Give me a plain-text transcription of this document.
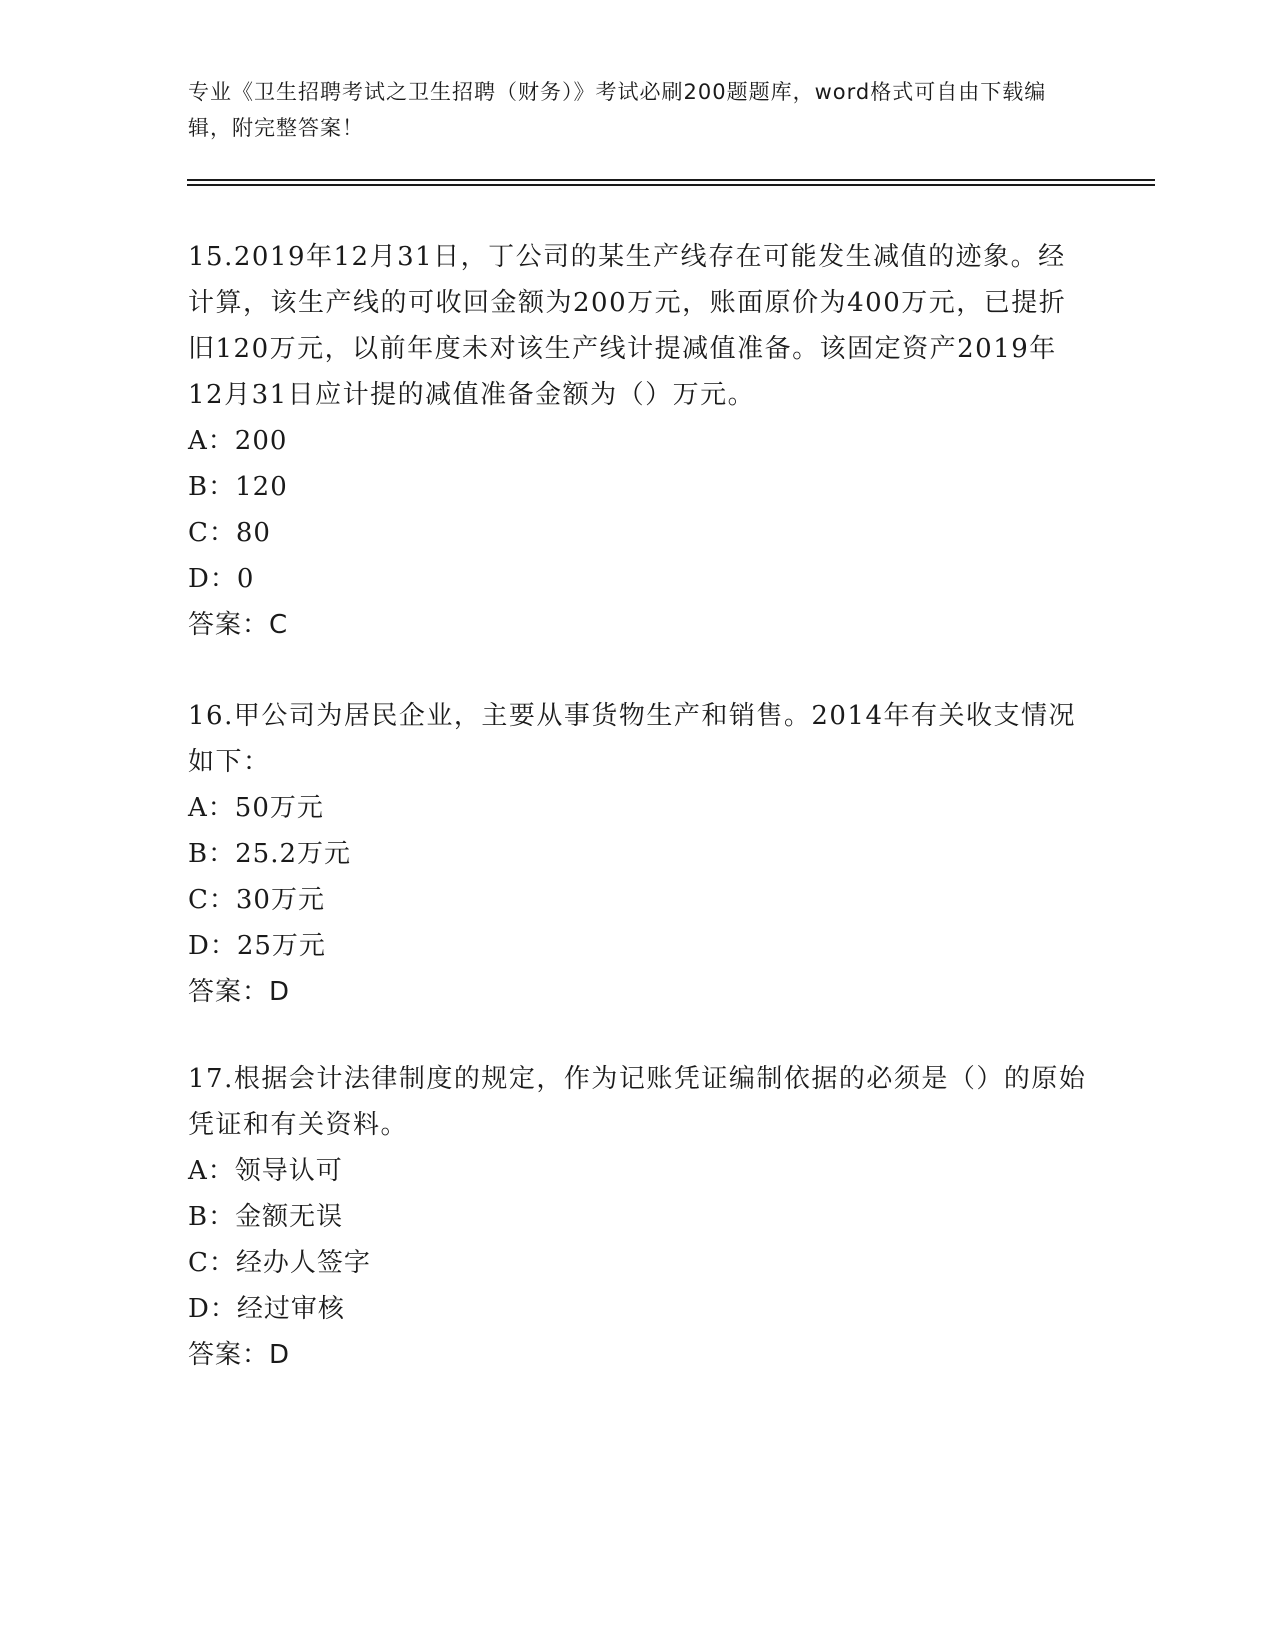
专业《卫生招聘考试之卫生招聘（财务）》考试必刷200题题库，word格式可自由下载编辑，附完整答案！

15.2019年12月31日，丁公司的某生产线存在可能发生减值的迹象。经计算，该生产线的可收回金额为200万元，账面原价为400万元，已提折旧120万元，以前年度未对该生产线计提减值准备。该固定资产2019年12月31日应计提的减值准备金额为（）万元。

A：200

B：120

C：80

D：0

答案：C

16.甲公司为居民企业，主要从事货物生产和销售。2014年有关收支情况如下：

A：50万元

B：25.2万元

C：30万元

D：25万元

答案：D

17.根据会计法律制度的规定，作为记账凭证编制依据的必须是（）的原始凭证和有关资料。

A：领导认可

B：金额无误

C：经办人签字

D：经过审核

答案：D
